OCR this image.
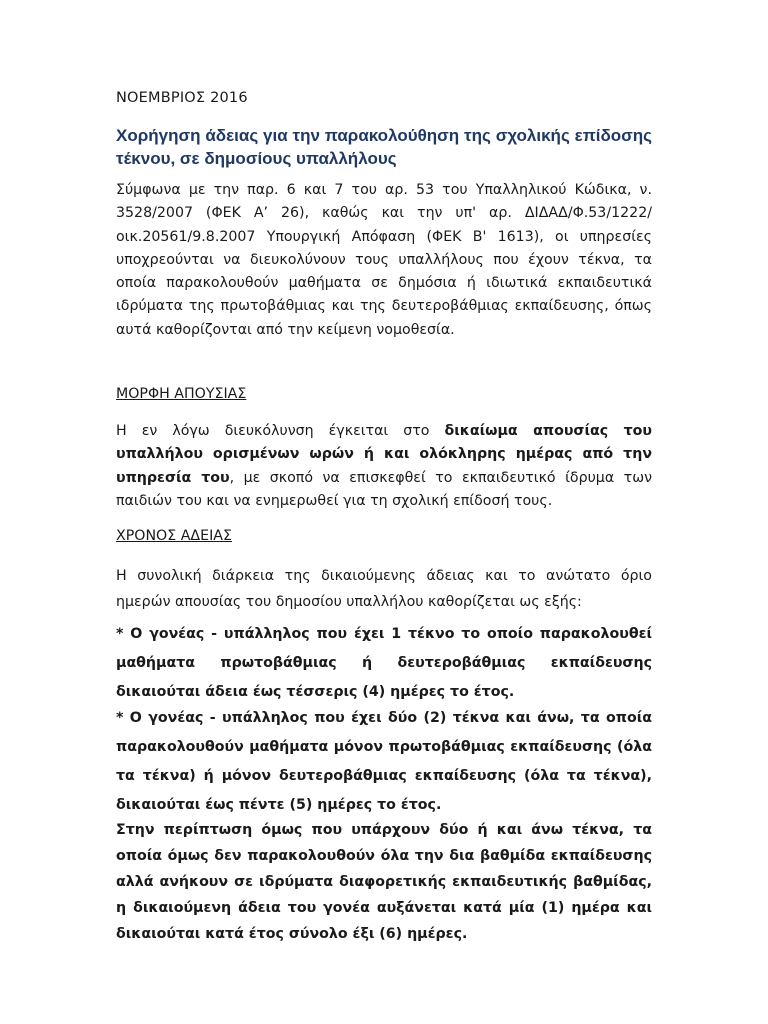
ΝΟΕΜΒΡΙΟΣ 2016
Χορήγηση άδειας για την παρακολούθηση της σχολικής επίδοσης τέκνου, σε δημοσίους υπαλλήλους

Σύμφωνα με την παρ. 6 και 7 του αρ. 53 του Υπαλληλικού Κώδικα, ν. 3528/2007 (ΦΕΚ Α’ 26), καθώς και την υπ' αρ. ΔΙΔΑΔ/Φ.53/1222/οικ.20561/9.8.2007 Υπουργική Απόφαση (ΦΕΚ Β' 1613), οι υπηρεσίες υποχρεούνται να διευκολύνουν τους υπαλλήλους που έχουν τέκνα, τα οποία παρακολουθούν μαθήματα σε δημόσια ή ιδιωτικά εκπαιδευτικά ιδρύματα της πρωτοβάθμιας και της δευτεροβάθμιας εκπαίδευσης, όπως αυτά καθορίζονται από την κείμενη νομοθεσία.

ΜΟΡΦΗ ΑΠΟΥΣΙΑΣ

Η εν λόγω διευκόλυνση έγκειται στο δικαίωμα απουσίας του υπαλλήλου ορισμένων ωρών ή και ολόκληρης ημέρας από την υπηρεσία του, με σκοπό να επισκεφθεί το εκπαιδευτικό ίδρυμα των παιδιών του και να ενημερωθεί για τη σχολική επίδοσή τους.

ΧΡΟΝΟΣ ΑΔΕΙΑΣ

Η συνολική διάρκεια της δικαιούμενης άδειας και το ανώτατο όριο ημερών απουσίας του δημοσίου υπαλλήλου καθορίζεται ως εξής:

* Ο γονέας - υπάλληλος που έχει 1 τέκνο το οποίο παρακολουθεί μαθήματα πρωτοβάθμιας ή δευτεροβάθμιας εκπαίδευσης δικαιούται άδεια έως τέσσερις (4) ημέρες το έτος.

* Ο γονέας - υπάλληλος που έχει δύο (2) τέκνα και άνω, τα οποία παρακολουθούν μαθήματα μόνον πρωτοβάθμιας εκπαίδευσης (όλα τα τέκνα) ή μόνον δευτεροβάθμιας εκπαίδευσης (όλα τα τέκνα), δικαιούται έως πέντε (5) ημέρες το έτος.

Στην περίπτωση όμως που υπάρχουν δύο ή και άνω τέκνα, τα οποία όμως δεν παρακολουθούν όλα την δια βαθμίδα εκπαίδευσης αλλά ανήκουν σε ιδρύματα διαφορετικής εκπαιδευτικής βαθμίδας, η δικαιούμενη άδεια του γονέα αυξάνεται κατά μία (1) ημέρα και δικαιούται κατά έτος σύνολο έξι (6) ημέρες.
